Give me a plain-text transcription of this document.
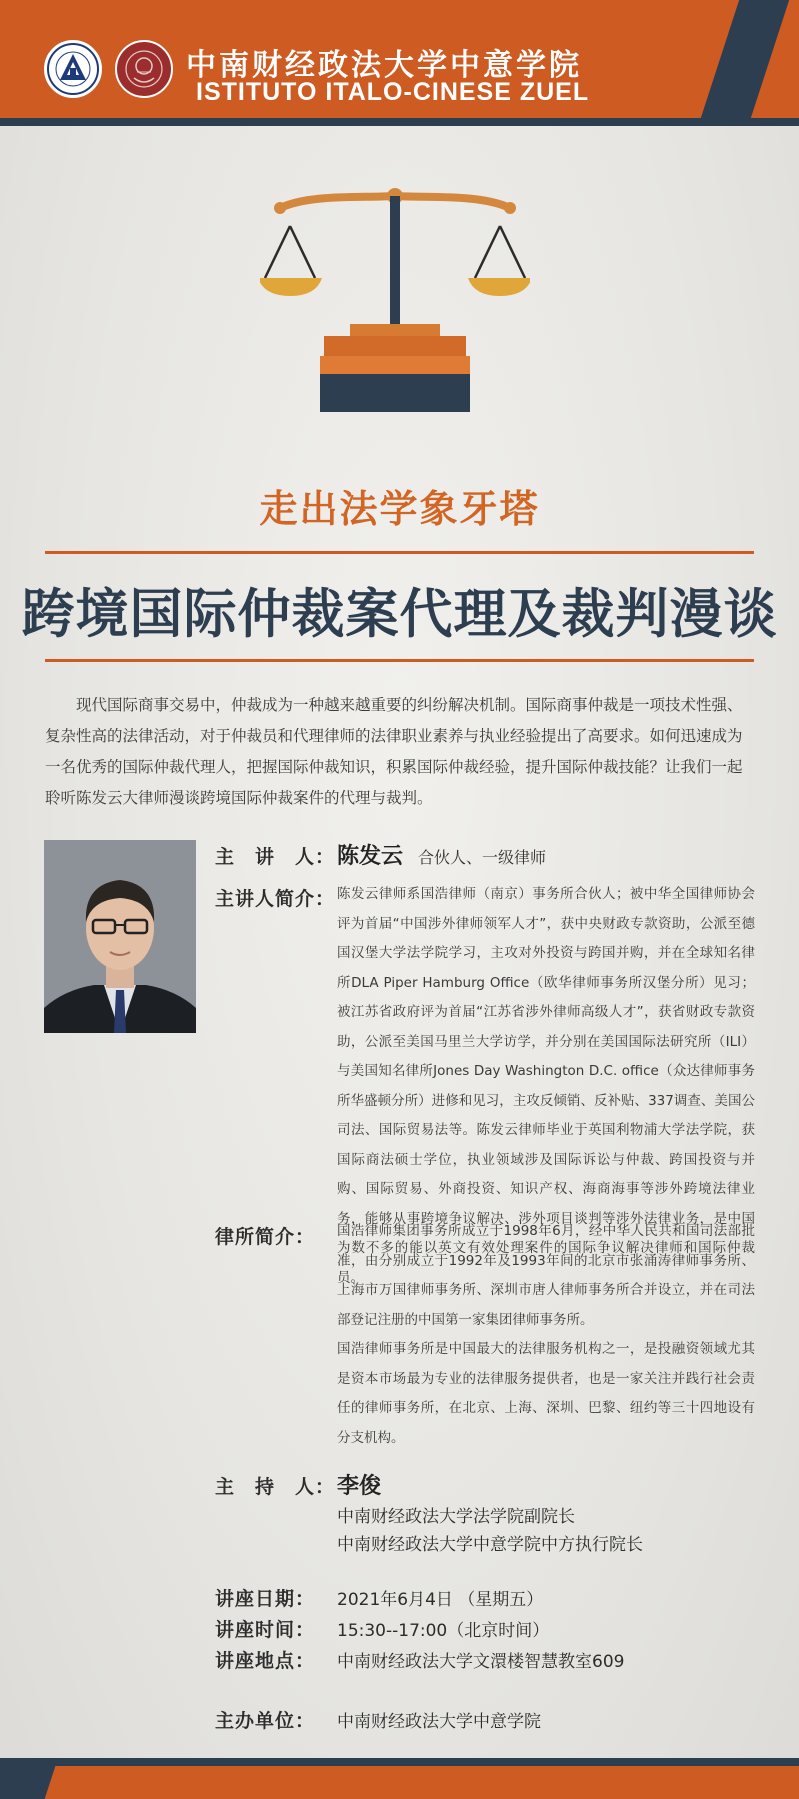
中南财经政法大学中意学院
ISTITUTO ITALO-CINESE ZUEL
走出法学象牙塔
跨境国际仲裁案代理及裁判漫谈
现代国际商事交易中，仲裁成为一种越来越重要的纠纷解决机制。国际商事仲裁是一项技术性强、复杂性高的法律活动，对于仲裁员和代理律师的法律职业素养与执业经验提出了高要求。如何迅速成为一名优秀的国际仲裁代理人，把握国际仲裁知识，积累国际仲裁经验，提升国际仲裁技能？让我们一起聆听陈发云大律师漫谈跨境国际仲裁案件的代理与裁判。
主　讲　人： 陈发云 合伙人、一级律师
主讲人简介： 陈发云律师系国浩律师（南京）事务所合伙人；被中华全国律师协会评为首届“中国涉外律师领军人才”，获中央财政专款资助，公派至德国汉堡大学法学院学习，主攻对外投资与跨国并购，并在全球知名律所DLA Piper Hamburg Office（欧华律师事务所汉堡分所）见习；被江苏省政府评为首届“江苏省涉外律师高级人才”，获省财政专款资助，公派至美国马里兰大学访学，并分别在美国国际法研究所（ILI）与美国知名律所Jones Day Washington D.C. office（众达律师事务所华盛顿分所）进修和见习，主攻反倾销、反补贴、337调查、美国公司法、国际贸易法等。陈发云律师毕业于英国利物浦大学法学院，获国际商法硕士学位，执业领域涉及国际诉讼与仲裁、跨国投资与并购、国际贸易、外商投资、知识产权、海商海事等涉外跨境法律业务，能够从事跨境争议解决、涉外项目谈判等涉外法律业务，是中国为数不多的能以英文有效处理案件的国际争议解决律师和国际仲裁员。
律所简介： 国浩律师集团事务所成立于1998年6月，经中华人民共和国司法部批准，由分别成立于1992年及1993年间的北京市张涌涛律师事务所、上海市万国律师事务所、深圳市唐人律师事务所合并设立，并在司法部登记注册的中国第一家集团律师事务所。
国浩律师事务所是中国最大的法律服务机构之一，是投融资领域尤其是资本市场最为专业的法律服务提供者，也是一家关注并践行社会责任的律师事务所，在北京、上海、深圳、巴黎、纽约等三十四地设有分支机构。
主　持　人： 李俊
中南财经政法大学法学院副院长
中南财经政法大学中意学院中方执行院长
讲座日期： 2021年6月4日 （星期五）
讲座时间： 15:30--17:00（北京时间）
讲座地点： 中南财经政法大学文澴楼智慧教室609
主办单位： 中南财经政法大学中意学院
